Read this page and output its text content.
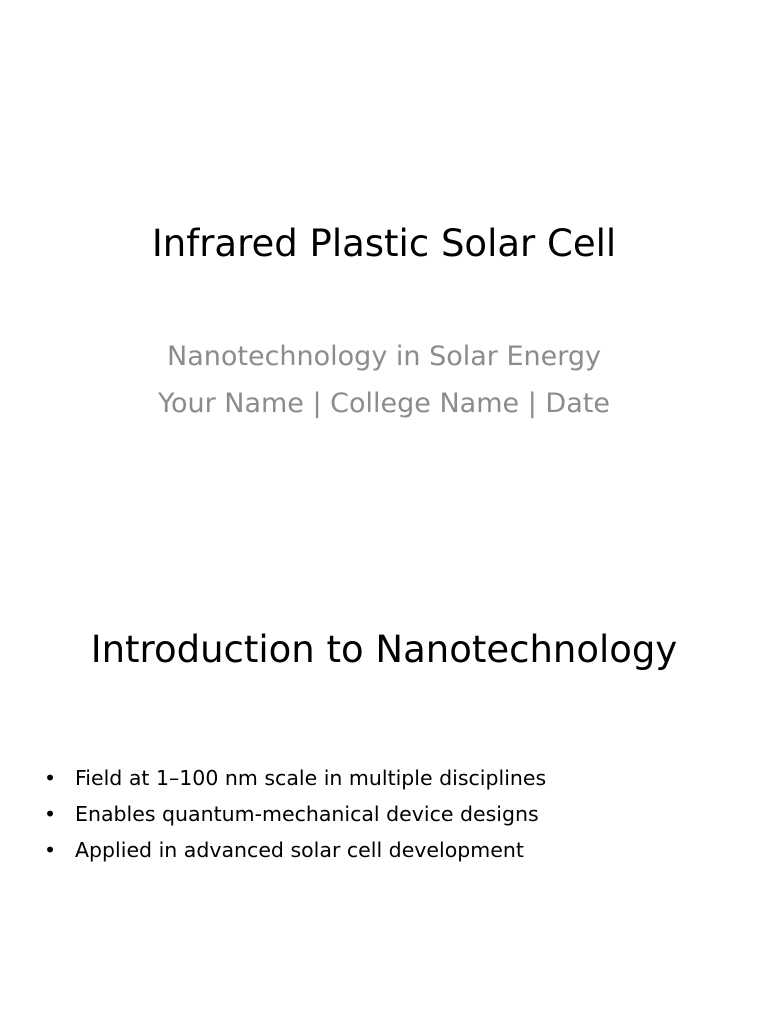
Infrared Plastic Solar Cell
Nanotechnology in Solar Energy
Your Name | College Name | Date
Introduction to Nanotechnology
• Field at 1–100 nm scale in multiple disciplines
• Enables quantum-mechanical device designs
• Applied in advanced solar cell development
